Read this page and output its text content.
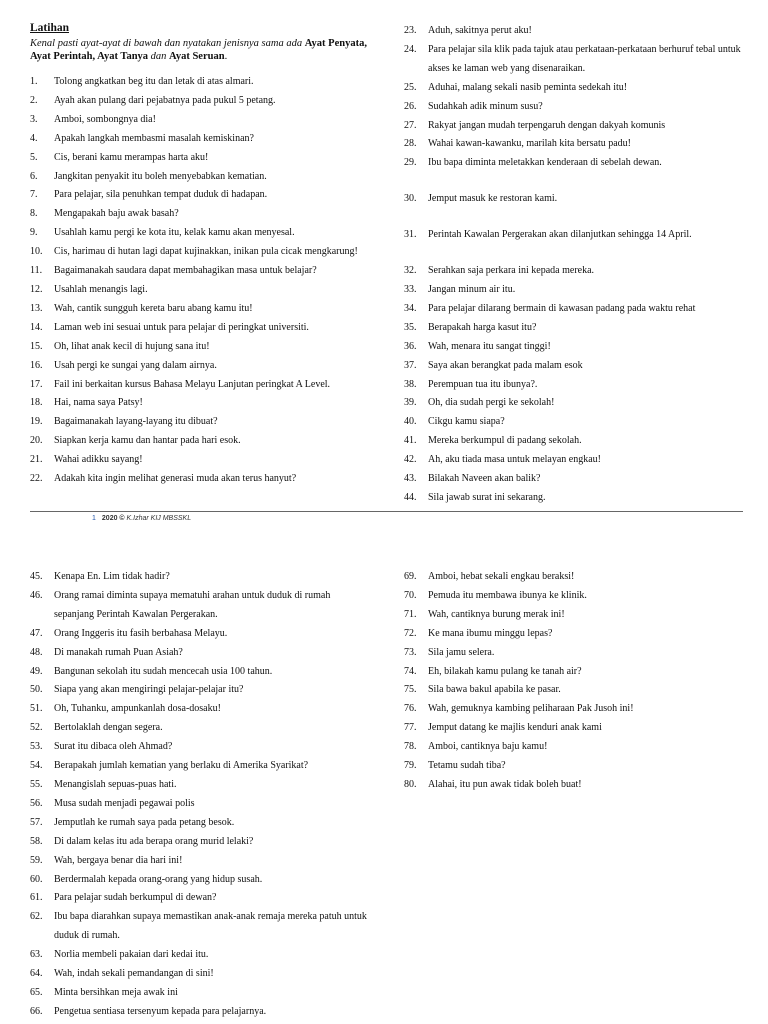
Latihan
Kenal pasti ayat-ayat di bawah dan nyatakan jenisnya sama ada Ayat Penyata, Ayat Perintah, Ayat Tanya dan Ayat Seruan.
1.	Tolong angkatkan beg itu dan letak di atas almari.
2.	Ayah akan pulang dari pejabatnya pada pukul 5 petang.
3.	Amboi, sombongnya dia!
4.	Apakah langkah membasmi masalah kemiskinan?
5.	Cis, berani kamu merampas harta aku!
6.	Jangkitan penyakit itu boleh menyebabkan kematian.
7.	Para pelajar, sila penuhkan tempat duduk di hadapan.
8.	Mengapakah baju awak basah?
9.	Usahlah kamu pergi ke kota itu, kelak kamu akan menyesal.
10.	Cis, harimau di hutan lagi dapat kujinakkan, inikan pula cicak mengkarung!
11.	Bagaimanakah saudara dapat membahagikan masa untuk belajar?
12.	Usahlah menangis lagi.
13.	Wah, cantik sungguh kereta baru abang kamu itu!
14.	Laman web ini sesuai untuk para pelajar di peringkat universiti.
15.	Oh, lihat anak kecil di hujung sana itu!
16.	Usah pergi ke sungai yang dalam airnya.
17.	Fail ini berkaitan kursus Bahasa Melayu Lanjutan peringkat A Level.
18.	Hai, nama saya Patsy!
19.	Bagaimanakah layang-layang itu dibuat?
20.	Siapkan kerja kamu dan hantar pada hari esok.
21.	Wahai adikku sayang!
22.	Adakah kita ingin melihat generasi muda akan terus hanyut?
23.	Aduh, sakitnya perut aku!
24.	Para pelajar sila klik pada tajuk atau perkataan-perkataan berhuruf tebal untuk akses ke laman web yang disenaraikan.
25.	Aduhai, malang sekali nasib peminta sedekah itu!
26.	Sudahkah adik minum susu?
27.	Rakyat jangan mudah terpengaruh dengan dakyah komunis
28.	Wahai kawan-kawanku, marilah kita bersatu padu!
29.	Ibu bapa diminta meletakkan kenderaan di sebelah dewan.
30.	Jemput masuk ke restoran kami.
31.	Perintah Kawalan Pergerakan akan dilanjutkan sehingga 14 April.
32.	Serahkan saja perkara ini kepada mereka.
33.	Jangan minum air itu.
34.	Para pelajar dilarang bermain di kawasan padang pada waktu rehat
35.	Berapakah harga kasut itu?
36.	Wah, menara itu sangat tinggi!
37.	Saya akan berangkat pada malam esok
38.	Perempuan tua itu ibunya?.
39.	Oh, dia sudah pergi ke sekolah!
40.	Cikgu kamu siapa?
41.	Mereka berkumpul di padang sekolah.
42.	Ah, aku tiada masa untuk melayan engkau!
43.	Bilakah Naveen akan balik?
44.	Sila jawab surat ini sekarang.
1 2020 © K.Izhar KIJ MBSSKL
45.	Kenapa En. Lim tidak hadir?
46.	Orang ramai diminta supaya mematuhi arahan untuk duduk di rumah sepanjang Perintah Kawalan Pergerakan.
47.	Orang Inggeris itu fasih berbahasa Melayu.
48.	Di manakah rumah Puan Asiah?
49.	Bangunan sekolah itu sudah mencecah usia 100 tahun.
50.	Siapa yang akan mengiringi pelajar-pelajar itu?
51.	Oh, Tuhanku, ampunkanlah dosa-dosaku!
52.	Bertolaklah dengan segera.
53.	Surat itu dibaca oleh Ahmad?
54.	Berapakah jumlah kematian yang berlaku di Amerika Syarikat?
55.	Menangislah sepuas-puas hati.
56.	Musa sudah menjadi pegawai polis
57.	Jemputlah ke rumah saya pada petang besok.
58.	Di dalam kelas itu ada berapa orang murid lelaki?
59.	Wah, bergaya benar dia hari ini!
60.	Berdermalah kepada orang-orang yang hidup susah.
61.	Para pelajar sudah berkumpul di dewan?
62.	Ibu bapa diarahkan supaya memastikan anak-anak remaja mereka patuh untuk duduk di rumah.
63.	Norlia membeli pakaian dari kedai itu.
64.	Wah, indah sekali pemandangan di sini!
65.	Minta bersihkan meja awak ini
66.	Pengetua sentiasa tersenyum kepada para pelajarnya.
69.	Amboi, hebat sekali engkau beraksi!
70.	Pemuda itu membawa ibunya ke klinik.
71.	Wah, cantiknya burung merak ini!
72.	Ke mana ibumu minggu lepas?
73.	Sila jamu selera.
74.	Eh, bilakah kamu pulang ke tanah air?
75.	Sila bawa bakul apabila ke pasar.
76.	Wah, gemuknya kambing peliharaan Pak Jusoh ini!
77.	Jemput datang ke majlis kenduri anak kami
78.	Amboi, cantiknya baju kamu!
79.	Tetamu sudah tiba?
80.	Alahai, itu pun awak tidak boleh buat!
